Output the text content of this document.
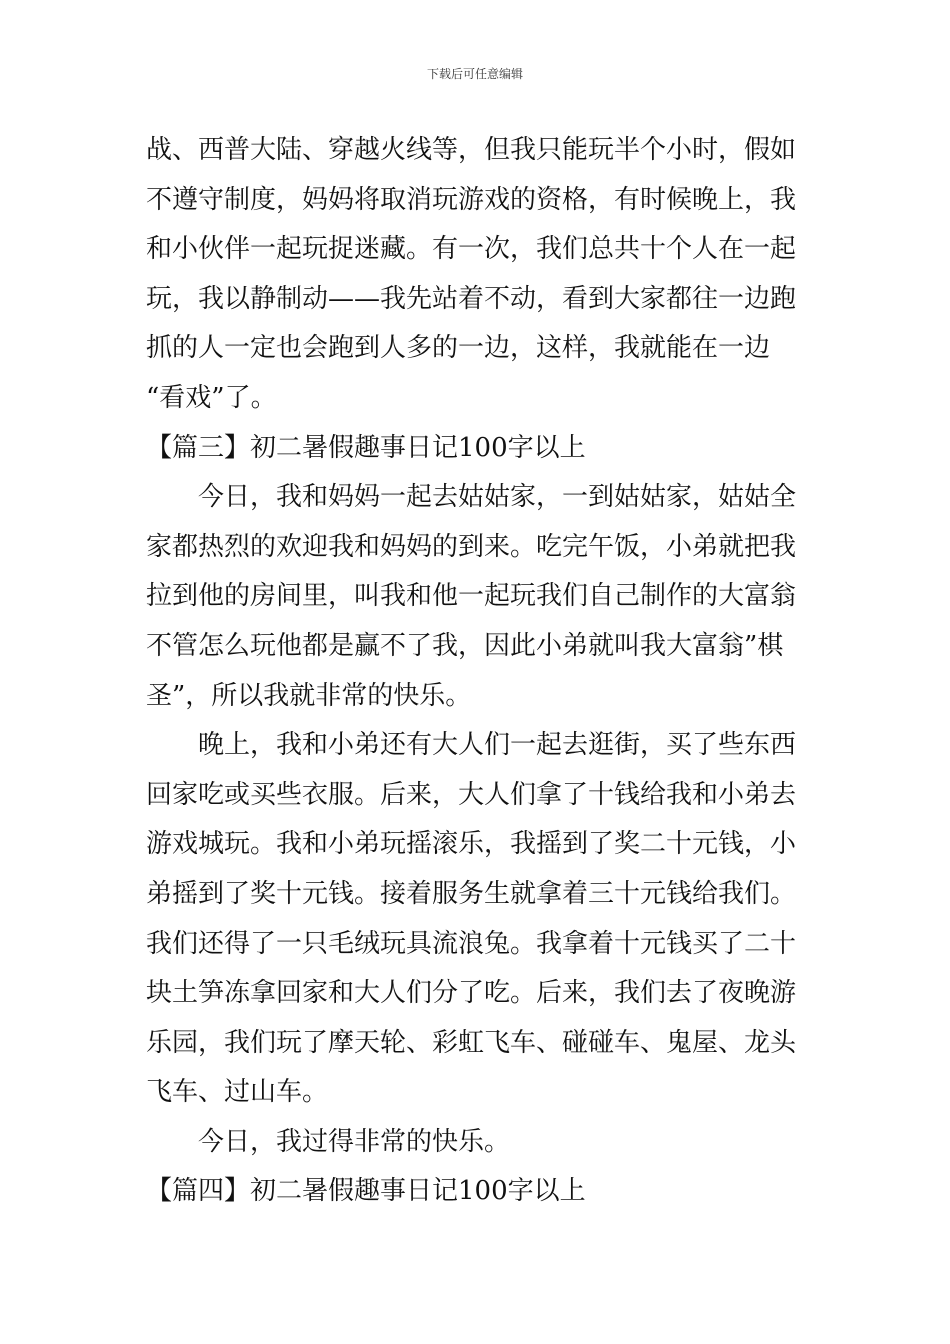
下载后可任意编辑
战、西普大陆、穿越火线等，但我只能玩半个小时，假如
不遵守制度，妈妈将取消玩游戏的资格，有时候晚上，我
和小伙伴一起玩捉迷藏。有一次，我们总共十个人在一起
玩，我以静制动——我先站着不动，看到大家都往一边跑
抓的人一定也会跑到人多的一边，这样，我就能在一边
“看戏”了。
【篇三】初二暑假趣事日记100字以上
今日，我和妈妈一起去姑姑家，一到姑姑家，姑姑全
家都热烈的欢迎我和妈妈的到来。吃完午饭，小弟就把我
拉到他的房间里，叫我和他一起玩我们自己制作的大富翁
不管怎么玩他都是赢不了我，因此小弟就叫我大富翁”棋
圣”，所以我就非常的快乐。
晚上，我和小弟还有大人们一起去逛街，买了些东西
回家吃或买些衣服。后来，大人们拿了十钱给我和小弟去
游戏城玩。我和小弟玩摇滚乐，我摇到了奖二十元钱，小
弟摇到了奖十元钱。接着服务生就拿着三十元钱给我们。
我们还得了一只毛绒玩具流浪兔。我拿着十元钱买了二十
块土笋冻拿回家和大人们分了吃。后来，我们去了夜晚游
乐园，我们玩了摩天轮、彩虹飞车、碰碰车、鬼屋、龙头
飞车、过山车。
今日，我过得非常的快乐。
【篇四】初二暑假趣事日记100字以上
